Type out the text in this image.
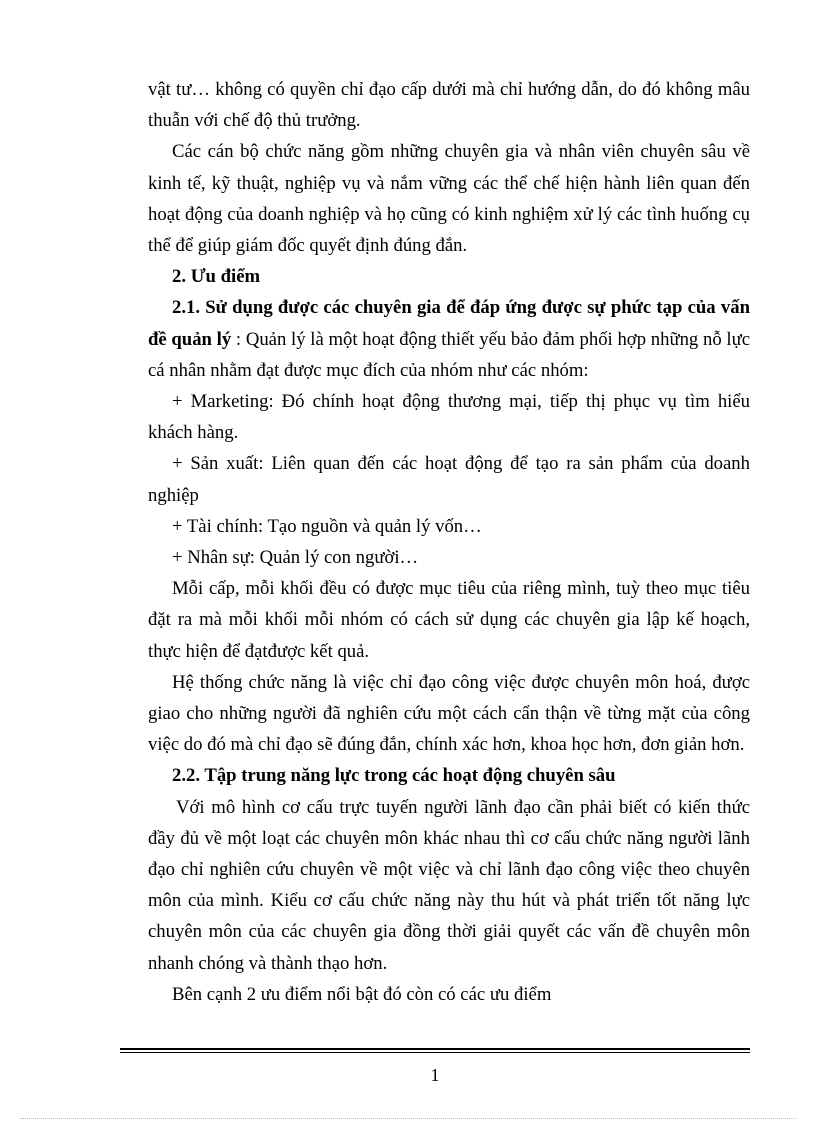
vật tư… không có quyền chỉ đạo cấp dưới mà chỉ hướng dẫn, do đó không mâu thuẫn với chế độ thủ trưởng.

Các cán bộ chức năng gồm những chuyên gia và nhân viên chuyên sâu về kinh tế, kỹ thuật, nghiệp vụ và nắm vững các thể chế hiện hành liên quan đến hoạt động của doanh nghiệp và họ cũng có kinh nghiệm xử lý các tình huống cụ thể để giúp giám đốc quyết định đúng đắn.

2. Ưu điểm

2.1. Sử dụng được các chuyên gia để đáp ứng được sự phức tạp của vấn đề quản lý : Quản lý là một hoạt động thiết yếu bảo đảm phối hợp những nỗ lực cá nhân nhằm đạt được mục đích của nhóm như các nhóm:

+ Marketing: Đó chính hoạt động thương mại, tiếp thị phục vụ tìm hiểu khách hàng.

+ Sản xuất: Liên quan đến các hoạt động để tạo ra sản phẩm của doanh nghiệp

+ Tài chính: Tạo nguồn và quản lý vốn…

+ Nhân sự: Quản lý con người…

Mỗi cấp, mỗi khối đều có được mục tiêu của riêng mình, tuỳ theo mục tiêu đặt ra mà mỗi khối mỗi nhóm có cách sử dụng các chuyên gia lập kế hoạch, thực hiện để đạtđược kết quả.

Hệ thống chức năng là việc chỉ đạo công việc được chuyên môn hoá, được giao cho những người đã nghiên cứu một cách cẩn thận về từng mặt của công việc do đó mà chỉ đạo sẽ đúng đắn, chính xác hơn, khoa học hơn, đơn giản hơn.

2.2. Tập trung năng lực trong các hoạt động chuyên sâu

Với mô hình cơ cấu trực tuyến người lãnh đạo cần phải biết có kiến thức đầy đủ về một loạt các chuyên môn khác nhau thì cơ cấu chức năng người lãnh đạo chỉ nghiên cứu chuyên về một việc và chỉ lãnh đạo công việc theo chuyên môn của mình. Kiểu cơ cấu chức năng này thu hút và phát triển tốt năng lực chuyên môn của các chuyên gia đồng thời giải quyết các vấn đề chuyên môn nhanh chóng và thành thạo hơn.

Bên cạnh 2 ưu điểm nổi bật đó còn có các ưu điểm

1
